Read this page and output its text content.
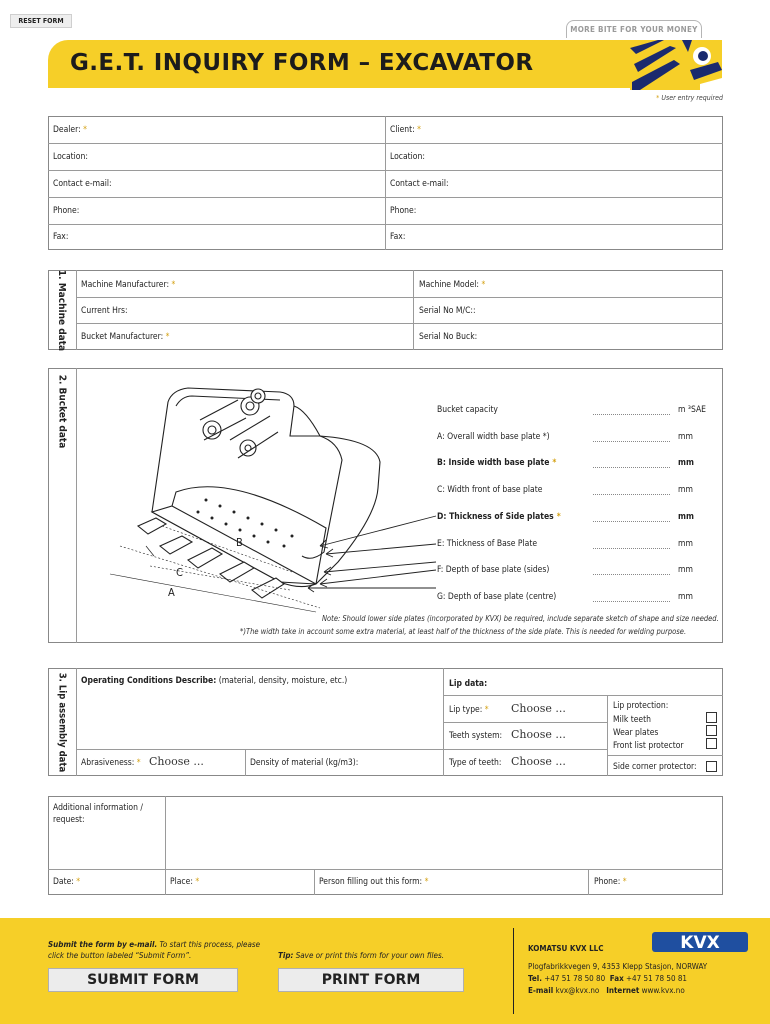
RESET FORM
MORE BITE FOR YOUR MONEY
G.E.T. INQUIRY FORM – EXCAVATOR
* User entry required
Dealer: *	Client: *
Location:	Location:
Contact e-mail:	Contact e-mail:
Phone:	Phone:
Fax:	Fax:
1. Machine data Machine Manufacturer: *	Machine Model: *
Current Hrs:	Serial No M/C::
Bucket Manufacturer: *	Serial No Buck:
2. Bucket data
B
C
A
Bucket capacity	m ³SAE
A: Overall width base plate *)	mm
B: Inside width base plate *	mm
C: Width front of base plate	mm
D: Thickness of Side plates *	mm
E: Thickness of Base Plate	mm
F: Depth of base plate (sides)	mm
G: Depth of base plate (centre)	mm
Note: Should lower side plates (incorporated by KVX) be required, include separate sketch of shape and size needed.
*)The width take in account some extra material, at least half of the thickness of the side plate. This is needed for welding purpose.
3. Lip assembly data Operating Conditions Describe: (material, density, moisture, etc.)
Abrasiveness: * Choose ...	Density of material (kg/m3):
Lip data:
Lip type: * Choose ...
Teeth system: Choose ...
Type of teeth: Choose ...
Lip protection:
Milk teeth
Wear plates
Front list protector
Side corner protector:
Additional information / request:
Date: *	Place: *	Person filling out this form: *	Phone: *
Submit the form by e-mail. To start this process, please click the button labeled “Submit Form”.
SUBMIT FORM
Tip: Save or print this form for your own files.
PRINT FORM
KOMATSU KVX LLC	KVX
Plogfabrikkvegen 9, 4353 Klepp Stasjon, NORWAY
Tel. +47 51 78 50 80 Fax +47 51 78 50 81
E-mail kvx@kvx.no Internet www.kvx.no
